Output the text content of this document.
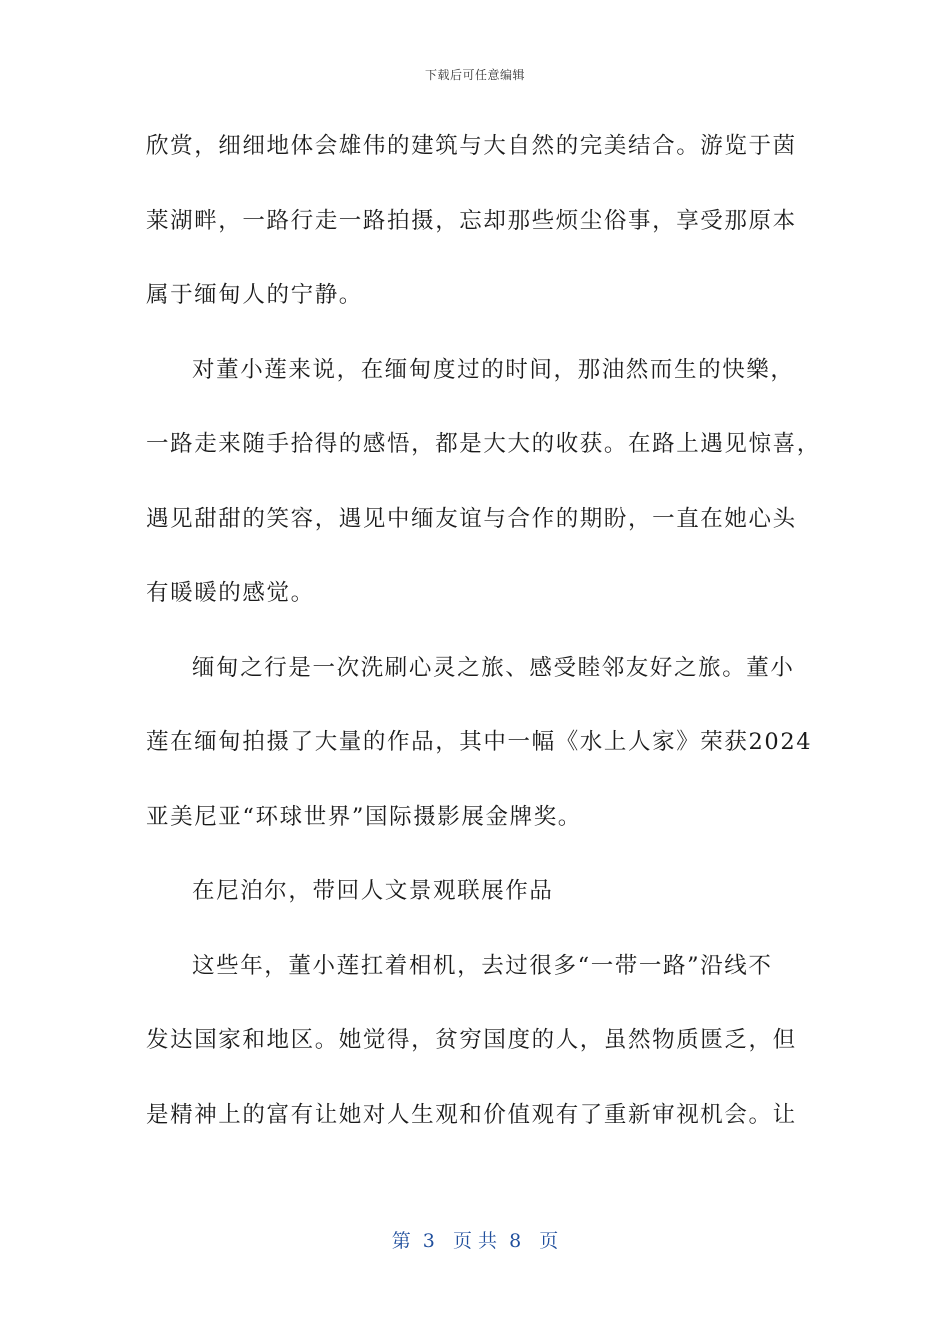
下载后可任意编辑
欣赏，细细地体会雄伟的建筑与大自然的完美结合。游览于茵
莱湖畔，一路行走一路拍摄，忘却那些烦尘俗事，享受那原本
属于缅甸人的宁静。
对董小莲来说，在缅甸度过的时间，那油然而生的快樂，
一路走来随手拾得的感悟，都是大大的收获。在路上遇见惊喜，
遇见甜甜的笑容，遇见中缅友谊与合作的期盼，一直在她心头
有暖暖的感觉。
缅甸之行是一次洗刷心灵之旅、感受睦邻友好之旅。董小
莲在缅甸拍摄了大量的作品，其中一幅《水上人家》荣获2024
亚美尼亚“环球世界”国际摄影展金牌奖。
在尼泊尔，带回人文景观联展作品
这些年，董小莲扛着相机，去过很多“一带一路”沿线不
发达国家和地区。她觉得，贫穷国度的人，虽然物质匮乏，但
是精神上的富有让她对人生观和价值观有了重新审视机会。让
第  3   页 共  8   页
